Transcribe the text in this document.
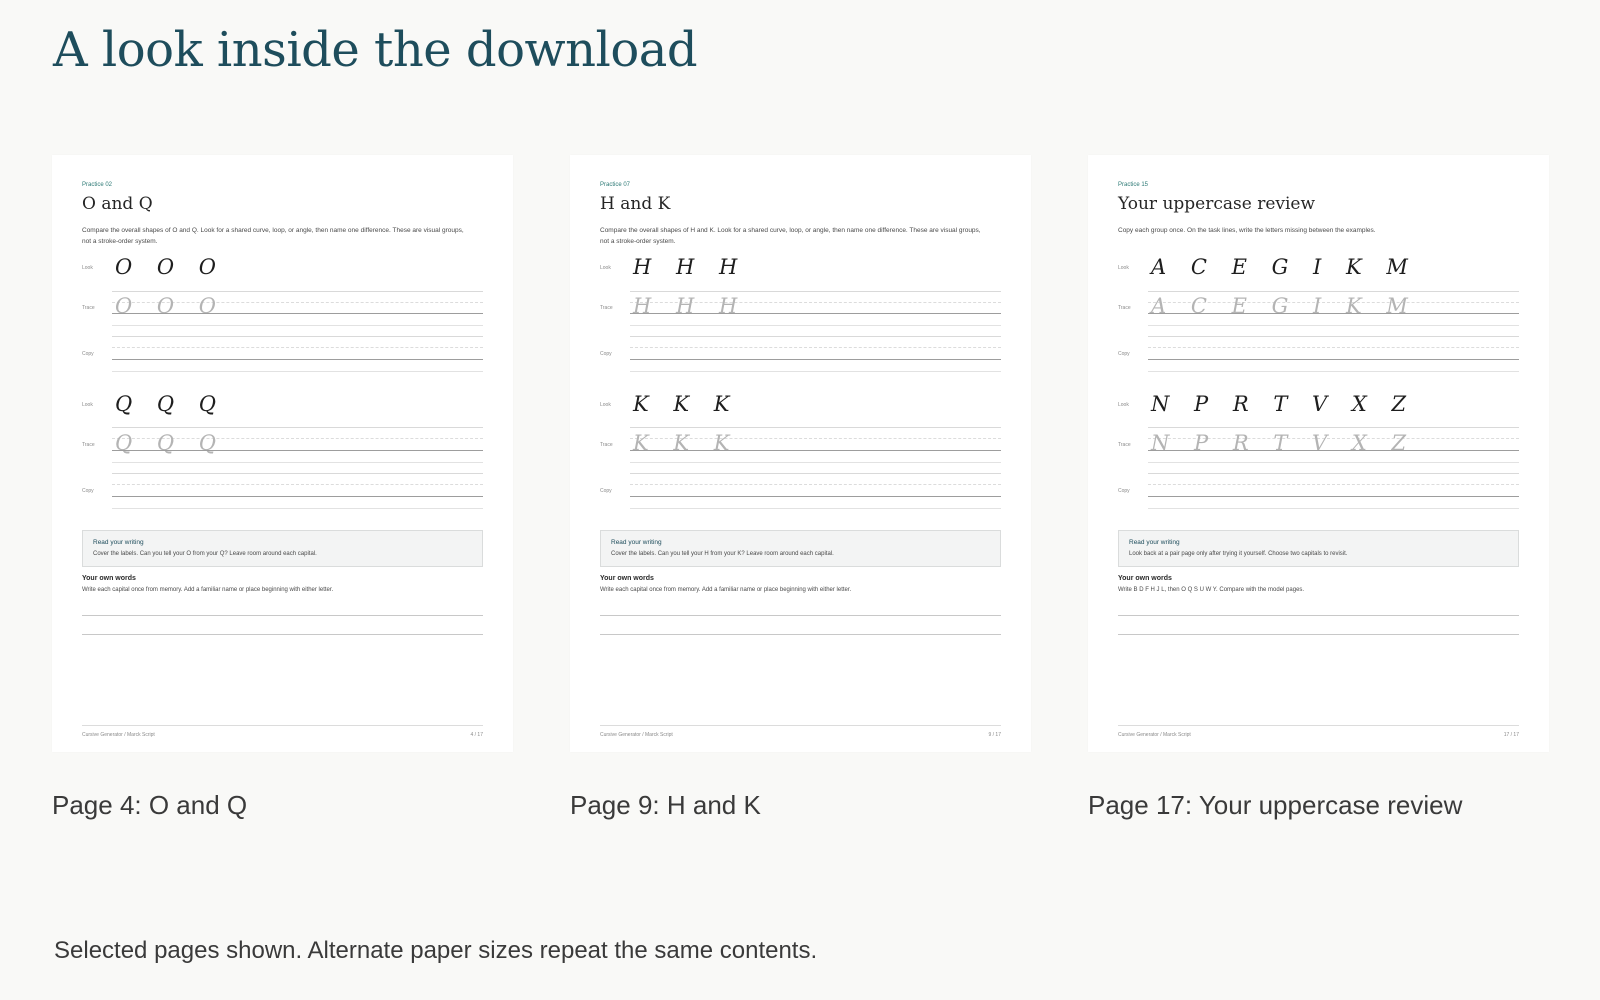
A look inside the download
Practice 02
O and Q
Compare the overall shapes of O and Q. Look for a shared curve, loop, or angle, then name one difference. These are visual groups, not a stroke-order system.
Look O O O
Trace O O O
Copy
Look Q Q Q
Trace Q Q Q
Copy
Read your writing
Cover the labels. Can you tell your O from your Q? Leave room around each capital.
Your own words
Write each capital once from memory. Add a familiar name or place beginning with either letter.
Cursive Generator / Marck Script	4 / 17
Practice 07
H and K
Compare the overall shapes of H and K. Look for a shared curve, loop, or angle, then name one difference. These are visual groups, not a stroke-order system.
Look H H H
Trace H H H
Copy
Look K K K
Trace K K K
Copy
Read your writing
Cover the labels. Can you tell your H from your K? Leave room around each capital.
Your own words
Write each capital once from memory. Add a familiar name or place beginning with either letter.
Cursive Generator / Marck Script	9 / 17
Practice 15
Your uppercase review
Copy each group once. On the task lines, write the letters missing between the examples.
Look A C E G I K M
Trace A C E G I K M
Copy
Look N P R T V X Z
Trace N P R T V X Z
Copy
Read your writing
Look back at a pair page only after trying it yourself. Choose two capitals to revisit.
Your own words
Write B D F H J L, then O Q S U W Y. Compare with the model pages.
Cursive Generator / Marck Script	17 / 17

Page 4: O and Q	Page 9: H and K	Page 17: Your uppercase review

Selected pages shown. Alternate paper sizes repeat the same contents.
